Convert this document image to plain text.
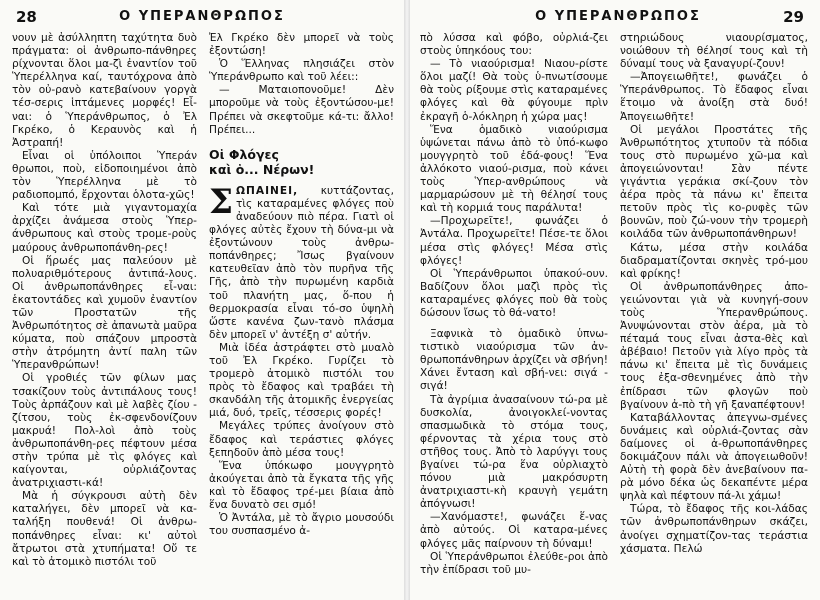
28	Ο ΥΠΕΡΑΝΘΡΩΠΟΣ

νουν μὲ ἀσύλληπτη ταχύτητα δυὸ πράγματα: οἱ ἀνθρωπο-πάνθηρες ρίχνονται ὅλοι μα-ζὶ ἐναντίον τοῦ Ὑπερέλληνα καί, ταυτόχρονα ἀπὸ τὸν οὐ-ρανὸ κατεβαίνουν γοργὰ τέσ-σερις ἱπτάμενες μορφές! Εἶ-ναι: ὁ Ὑπεράνθρωπος, ὁ Ἐλ Γκρέκο, ὁ Κεραυνὸς καὶ ἡ Ἀστραπή!

Εἶναι οἱ ὑπόλοιποι Ὑπεράν θρωποι, ποὺ, εἰδοποιημένοι ἀπὸ τὸν Ὑπερέλληνα μὲ τὸ ραδιοπομπό, ἔρχονται ὁλοτα-χῶς!

Καὶ τότε μιὰ γιγαντομαχία ἀρχίζει ἀνάμεσα στοὺς Ὑπερ-άνθρωπους καὶ στοὺς τρομε-ροὺς μαύρους ἀνθρωποπάνθη-ρες!

Οἱ ἥρωές μας παλεύουν μὲ πολυαριθμότερους ἀντιπά-λους. Οἱ ἀνθρωποπάνθηρες εἶ-ναι: ἑκατοντάδες καὶ χυμοῦν ἐναντίον τῶν Προστατῶν τῆς Ἀνθρωπότητος σὲ ἀπανωτὰ μαῦρα κύματα, ποὺ σπάζουν μπροστὰ στὴν ἀτρόμητη ἀντί παλη τῶν Ὑπερανθρώπων!

Οἱ γροθιές τῶν φίλων μας τσακίζουν τοὺς ἀντιπάλους τους! Τοὺς ἀρπάζουν καὶ μὲ λαβὲς ζίου - ζίτσου, τοὺς ἐκ-σφενδονίζουν μακρυά! Πολ-λοὶ ἀπὸ τοὺς ἀνθρωποπάνθη-ρες πέφτουν μέσα στὴν τρύπα μὲ τὶς φλόγες καὶ καίγονται, οὐρλιάζοντας ἀνατριχιαστι-κά!

Μὰ ἡ σύγκρουσι αὐτὴ δὲν καταλήγει, δὲν μπορεῖ νὰ κα-ταλήξη πουθενά! Οἱ ἀνθρω-ποπάνθηρες εἶναι: κι' αὐτοὶ ἄτρωτοι στὰ χτυπήματα! Οὔ τε καὶ τὸ ἀτομικὸ πιστόλι τοῦ

Ἐλ Γκρέκο δὲν μπορεῖ νὰ τοὺς ἐξοντώση!

Ὁ Ἕλληνας πλησιάζει στὸν Ὑπεράνθρωπο καὶ τοῦ λέει::

— Ματαιοπονοῦμε! Δὲν μποροῦμε νὰ τοὺς ἐξοντώσου-με! Πρέπει νὰ σκεφτοῦμε κά-τι: ἄλλο! Πρέπει...

Οἱ Φλόγες
καὶ ὁ... Νέρων!

ΣΩΠΑΙΝΕΙ, κυττάζοντας, τὶς καταραμένες φλόγες ποὺ ἀναδεύουν πιὸ πέρα. Γιατὶ οἱ φλόγες αὐτὲς ἔχουν τὴ δύνα-μι νὰ ἐξοντώνουν τοὺς ἀνθρω-ποπάνθηρες; Ἴσως βγαίνουν κατευθεῖαν ἀπὸ τὸν πυρῆνα τῆς Γῆς, ἀπὸ τὴν πυρωμένη καρδιὰ τοῦ πλανήτη μας, ὅ-που ἡ θερμοκρασία εἶναι τό-σο ὑψηλὴ ὥστε κανένα ζων-τανὸ πλάσμα δὲν μπορεῖ ν' ἀντέξη σ' αὐτήν.

Μιὰ ἰδέα ἀστράφτει στὸ μυαλὸ τοῦ Ἐλ Γκρέκο. Γυρίζει τὸ τρομερὸ ἀτομικὸ πιστόλι του πρὸς τὸ ἔδαφος καὶ τραβάει τὴ σκανδάλη τῆς ἀτομικῆς ἐνεργείας μιά, δυό, τρεῖς, τέσσερις φορές!

Μεγάλες τρύπες ἀνοίγουν στὸ ἔδαφος καὶ τεράστιες φλόγες ξεπηδοῦν ἀπὸ μέσα τους!

Ἕνα ὑπόκωφο μουγγρητὸ ἀκούγεται ἀπὸ τὰ ἔγκατα τῆς γῆς καὶ τὸ ἔδαφος τρέ-μει βίαια ἀπὸ ἕνα δυνατὸ σει σμό!

Ὁ Ἀντάλα, μὲ τὸ ἄγριο μουσούδι του συσπασμένο ἀ-

Ο ΥΠΕΡΑΝΘΡΩΠΟΣ	29

πὸ λύσσα καὶ φόβο, οὐρλιά-ζει στοὺς ὑπηκόους του:

— Τὸ νιαούρισμα! Νιαου-ρίστε ὅλοι μαζί! Θὰ τοὺς ὑ-πνωτίσουμε θὰ τοὺς ρίξουμε στὶς καταραμένες φλόγες καὶ θὰ φύγουμε πρὶν ἐκραγῆ ὁ-λόκληρη ἡ χώρα μας!

Ἕνα ὁμαδικὸ νιαούρισμα ὑψώνεται πάνω ἀπὸ τὸ ὑπό-κωφο μουγγρητὸ τοῦ ἐδά-φους! Ἕνα ἀλλόκοτο νιαού-ρισμα, ποὺ κάνει τοὺς Ὑπερ-ανθρώπους νὰ μαρμαρώσουν μὲ τὴ θέλησί τους καὶ τὴ κορμιά τους παράλυτα!

—Προχωρεῖτε!, φωνάζει ὁ Ἀντάλα. Προχωρεῖτε! Πέσε-τε ὅλοι μέσα στὶς φλόγες! Μέσα στὶς φλόγες!

Οἱ Ὑπεράνθρωποι ὑπακού-ουν. Βαδίζουν ὅλοι μαζὶ πρὸς τὶς καταραμένες φλόγες ποὺ θὰ τοὺς δώσουν ἴσως τὸ θά-νατο!

Ξαφνικὰ τὸ ὁμαδικὸ ὑπνω-τιστικὸ νιαούρισμα τῶν ἀν-θρωποπάνθηρων ἀρχίζει νὰ σβήνη! Χάνει ἔνταση καὶ σβή-νει: σιγά - σιγά!

Τὰ ἀγρίμια ἀνασαίνουν τώ-ρα μὲ δυσκολία, ἀνοιγοκλεί-νοντας σπασμωδικὰ τὸ στόμα τους, φέρνοντας τὰ χέρια τους στὸ στῆθος τους. Ἀπὸ τὸ λαρύγγι τους βγαίνει τώ-ρα ἕνα οὐρλιαχτὸ πόνου μιὰ μακρόσυρτη ἀνατριχιαστι-κὴ κραυγὴ γεμάτη ἀπόγνωσι!

—Χανόμαστε!, φωνάζει ἕ-νας ἀπὸ αὐτούς. Οἱ καταρα-μένες φλόγες μᾶς παίρνουν τὴ δύναμι!

Οἱ Ὑπεράνθρωποι ἐλεύθε-ροι ἀπὸ τὴν ἐπίδρασι τοῦ μυ-

στηριώδους νιαουρίσματος, νοιώθουν τὴ θέλησί τους καὶ τὴ δύναμί τους νὰ ξαναγυρί-ζουν!

—Ἀπογειωθῆτε!, φωνάζει ὁ Ὑπεράνθρωπος. Τὸ ἔδαφος εἶναι ἕτοιμο νὰ ἀνοίξη στὰ δυό! Ἀπογειωθῆτε!

Οἱ μεγάλοι Προστάτες τῆς Ἀνθρωπότητος χτυποῦν τὰ πόδια τους στὸ πυρωμένο χῶ-μα καὶ ἀπογειώνονται! Σὰν πέντε γιγάντια γεράκια σκί-ζουν τὸν ἀέρα πρὸς τὰ πάνω κι' ἔπειτα πετοῦν πρὸς τὶς κο-ρυφὲς τῶν βουνῶν, ποὺ ζώ-νουν τὴν τρομερὴ κοιλάδα τῶν ἀνθρωποπάνθηρων!

Κάτω, μέσα στὴν κοιλάδα διαδραματίζονται σκηνὲς τρό-μου καὶ φρίκης!

Οἱ ἀνθρωποπάνθηρες ἀπο-γειώνονται γιὰ νὰ κυνηγή-σουν τοὺς Ὑπερανθρώπους. Ἀνυψώνονται στὸν ἀέρα, μὰ τὸ πέταμά τους εἶναι ἀστα-θὲς καὶ ἀβέβαιο! Πετοῦν γιὰ λίγο πρὸς τὰ πάνω κι' ἔπειτα μὲ τὶς δυνάμεις τους ἐξα-σθενημένες ἀπὸ τὴν ἐπίδρασι τῶν φλογῶν ποὺ βγαίνουν ἀ-πὸ τὴ γῆ ξαναπέφτουν!

Καταβάλλοντας ἀπεγνω-σμένες δυνάμεις καὶ οὐρλιά-ζοντας σὰν δαίμονες οἱ ἀ-θρωποπάνθηρες δοκιμάζουν πάλι νὰ ἀπογειωθοῦν! Αὐτὴ τὴ φορὰ δὲν ἀνεβαίνουν πα-ρὰ μόνο δέκα ὡς δεκαπέντε μέρα ψηλὰ καὶ πέφτουν πά-λι χάμω!

Τώρα, τὸ ἔδαφος τῆς κοι-λάδας τῶν ἀνθρωποπάνθηρων σκάζει, ἀνοίγει σχηματίζον-τας τεράστια χάσματα. Πελώ
